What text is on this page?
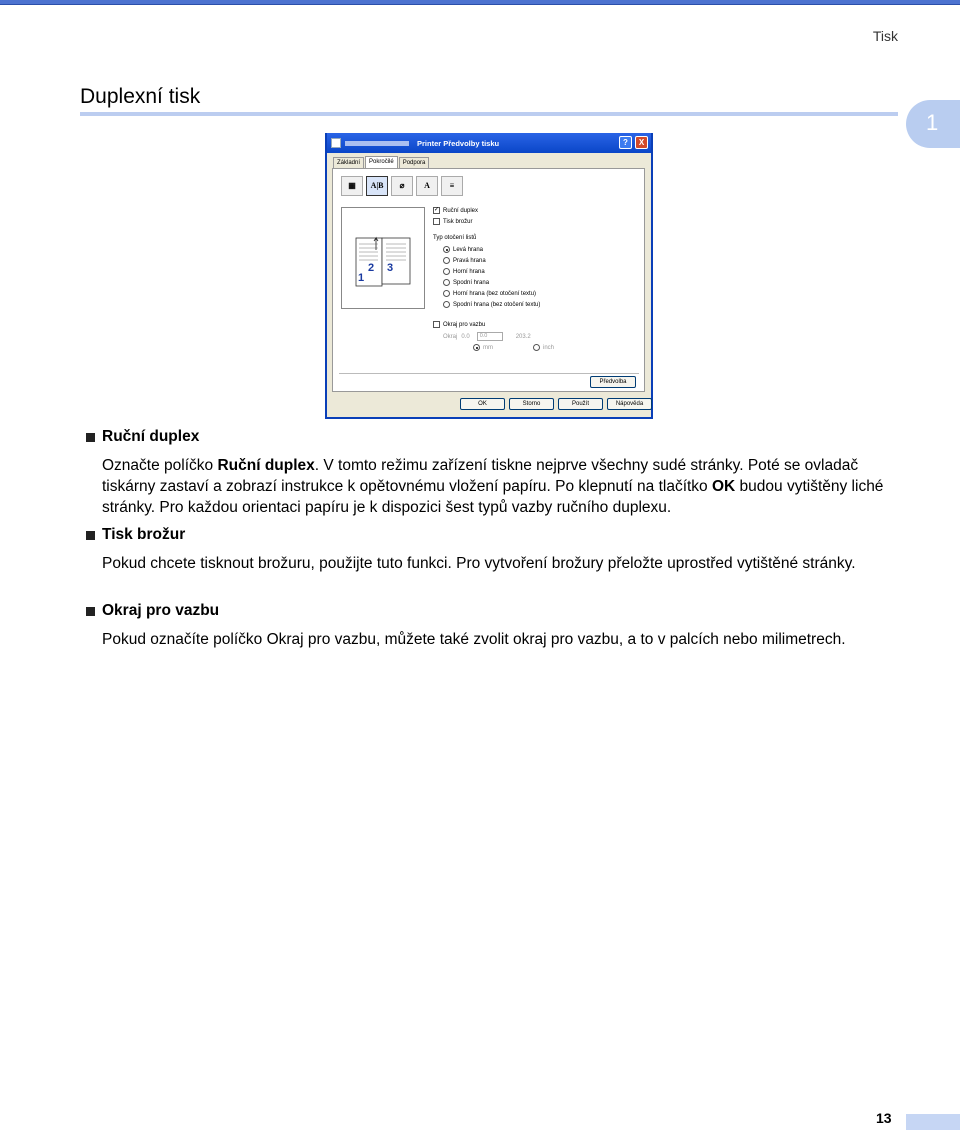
Tisk
Duplexní tisk
1
Printer Předvolby tisku	?	X
Základní	Pokročilé	Podpora
▦	A|B	⌀	A	≡
1
2 3
✓ Ruční duplex
Tisk brožur
Typ otočení listů
Levá hrana
Pravá hrana
Horní hrana
Spodní hrana
Horní hrana (bez otočení textu)
Spodní hrana (bez otočení textu)
Okraj pro vazbu
Okraj 0.0	0.0	203.2
mm	inch
Předvolba
OK	Storno	Použít	Nápověda
Ruční duplex

Označte políčko Ruční duplex. V tomto režimu zařízení tiskne nejprve všechny sudé stránky. Poté se ovladač tiskárny zastaví a zobrazí instrukce k opětovnému vložení papíru. Po klepnutí na tlačítko OK budou vytištěny liché stránky. Pro každou orientaci papíru je k dispozici šest typů vazby ručního duplexu.

Tisk brožur

Pokud chcete tisknout brožuru, použijte tuto funkci. Pro vytvoření brožury přeložte uprostřed vytištěné stránky.

Okraj pro vazbu

Pokud označíte políčko Okraj pro vazbu, můžete také zvolit okraj pro vazbu, a to v palcích nebo milimetrech.

13
